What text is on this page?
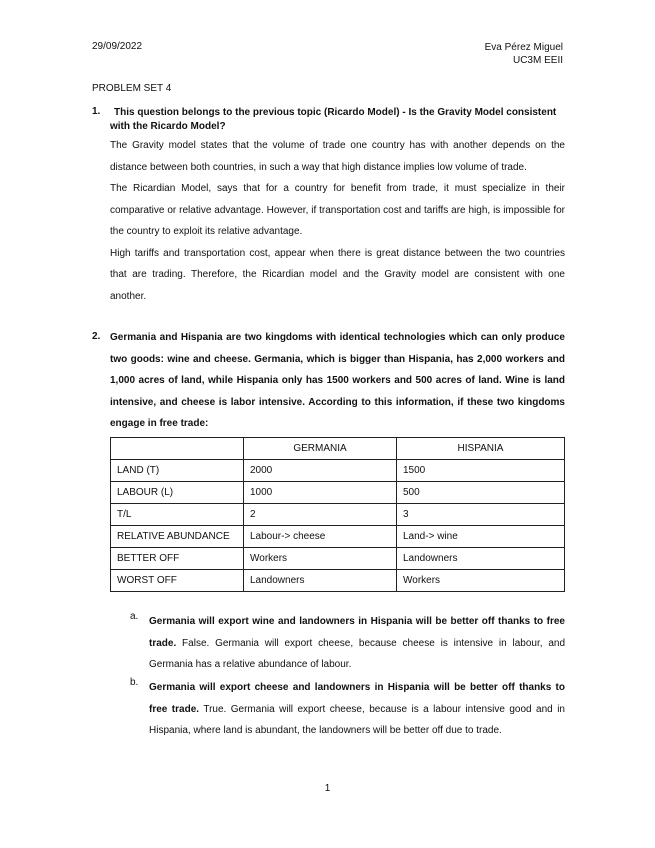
29/09/2022	Eva Pérez Miguel
UC3M EEII
PROBLEM SET 4
1.	This question belongs to the previous topic (Ricardo Model) - Is the Gravity Model consistent with the Ricardo Model?

The Gravity model states that the volume of trade one country has with another depends on the distance between both countries, in such a way that high distance implies low volume of trade.

The Ricardian Model, says that for a country for benefit from trade, it must specialize in their comparative or relative advantage. However, if transportation cost and tariffs are high, is impossible for the country to exploit its relative advantage.

High tariffs and transportation cost, appear when there is great distance between the two countries that are trading. Therefore, the Ricardian model and the Gravity model are consistent with one another.

2. Germania and Hispania are two kingdoms with identical technologies which can only produce two goods: wine and cheese. Germania, which is bigger than Hispania, has 2,000 workers and 1,000 acres of land, while Hispania only has 1500 workers and 500 acres of land. Wine is land intensive, and cheese is labor intensive. According to this information, if these two kingdoms engage in free trade:
	GERMANIA	HISPANIA
LAND (T)	2000	1500
LABOUR (L)	1000	500
T/L	2	3
RELATIVE ABUNDANCE	Labour-> cheese	Land-> wine
BETTER OFF	Workers	Landowners
WORST OFF	Landowners	Workers
a. Germania will export wine and landowners in Hispania will be better off thanks to free trade. False. Germania will export cheese, because cheese is intensive in labour, and Germania has a relative abundance of labour.
b. Germania will export cheese and landowners in Hispania will be better off thanks to free trade. True. Germania will export cheese, because is a labour intensive good and in Hispania, where land is abundant, the landowners will be better off due to trade.
1
